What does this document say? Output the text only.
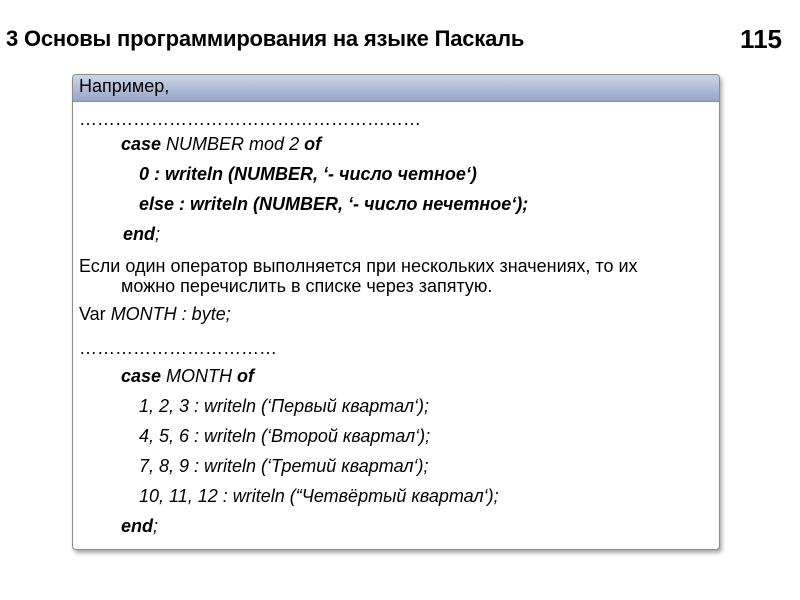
3 Основы программирования на языке Паскаль	115
Например,
…………………………………………………
case NUMBER mod 2 of
0 : writeln (NUMBER, ‘- число четное‘)
else : writeln (NUMBER, ‘- число нечетное‘);
end;
Если один оператор выполняется при нескольких значениях, то их
можно перечислить в списке через запятую.
Var MONTH : byte;
……………………………
case MONTH of
1, 2, 3 : writeln (‘Первый квартал‘);
4, 5, 6 : writeln (‘Второй квартал‘);
7, 8, 9 : writeln (‘Третий квартал‘);
10, 11, 12 : writeln (“Четвёртый квартал‘);
end;
